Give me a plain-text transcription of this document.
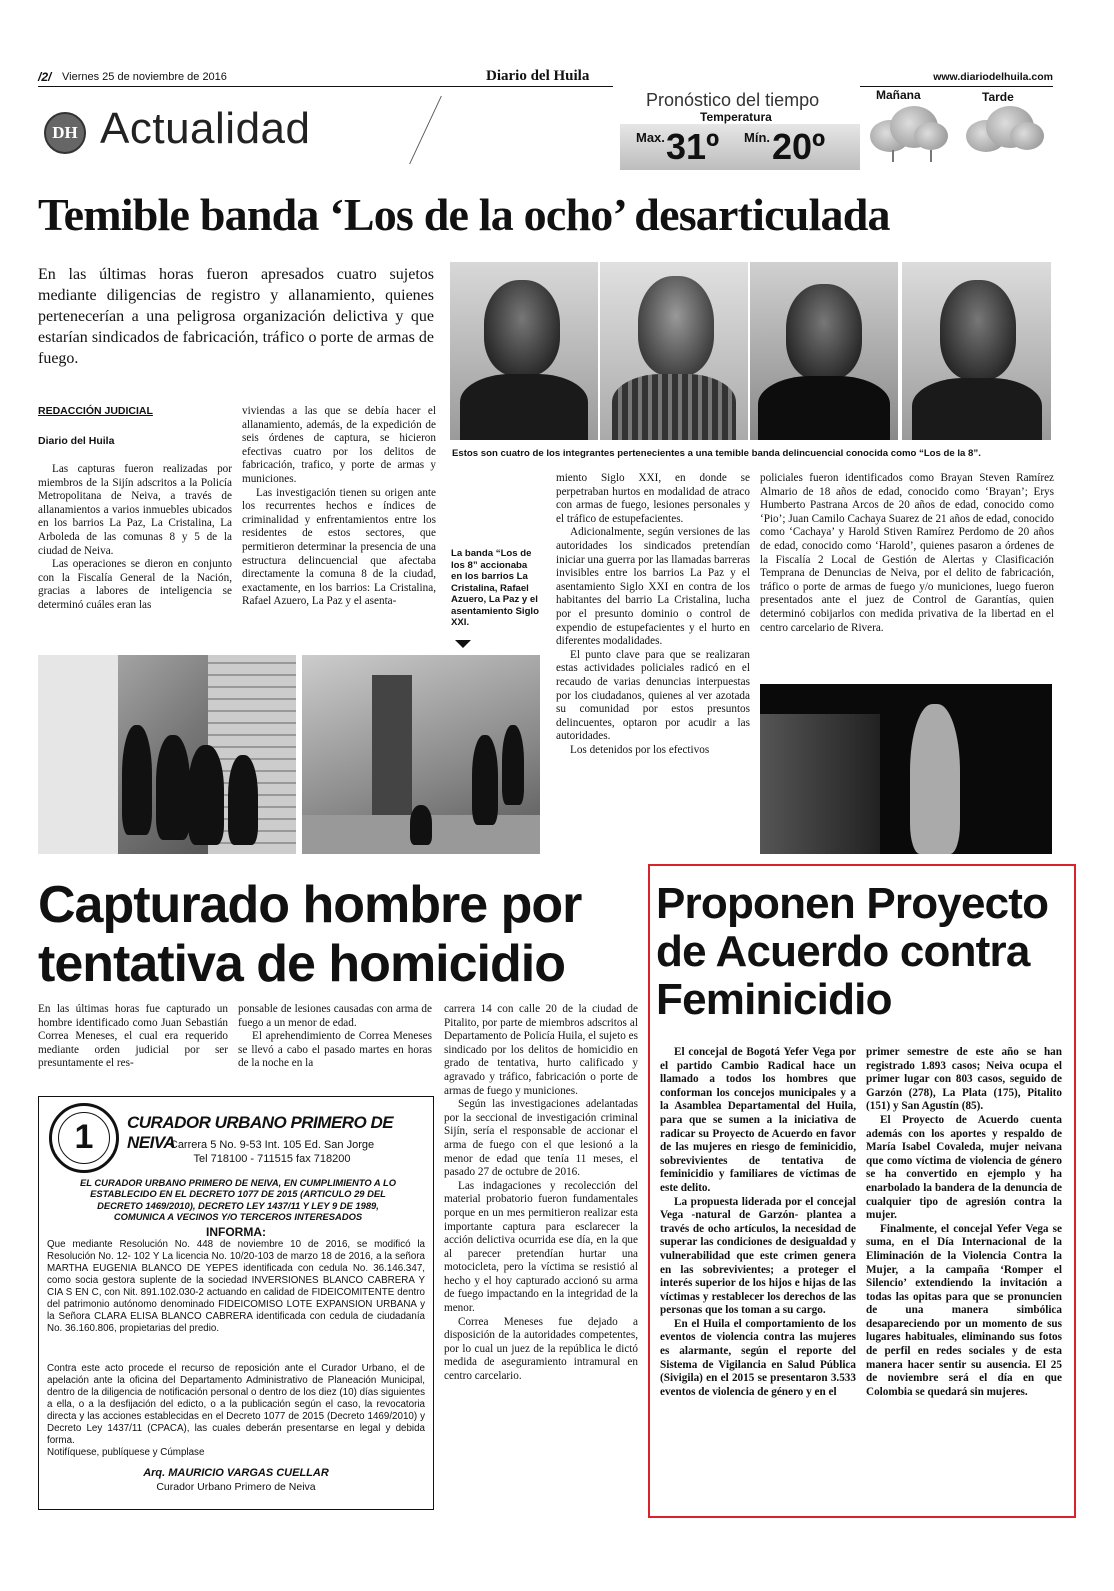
/2/ Viernes 25 de noviembre de 2016	Diario del Huila	www.diariodelhuila.com
DH Actualidad
Pronóstico del tiempo
Temperatura
Max. 31º Mín. 20º
Mañana	Tarde
Temible banda ‘Los de la ocho’ desarticulada

En las últimas horas fueron apresados cuatro sujetos mediante diligencias de registro y allanamiento, quienes pertenecerían a una peligrosa organización delictiva y que estarían sindicados de fabricación, tráfico o porte de armas de fuego.

Estos son cuatro de los integrantes pertenecientes a una temible banda delincuencial conocida como “Los de la 8”.
REDACCIÓN JUDICIAL
Diario del Huila

Las capturas fueron realizadas por miembros de la Sijín adscritos a la Policía Metropolitana de Neiva, a través de allanamientos a varios inmuebles ubicados en los barrios La Paz, La Cristalina, La Arboleda de las comunas 8 y 5 de la ciudad de Neiva.

Las operaciones se dieron en conjunto con la Fiscalía General de la Nación, gracias a labores de inteligencia se determinó cuáles eran las

viviendas a las que se debía hacer el allanamiento, además, de la expedición de seis órdenes de captura, se hicieron efectivas cuatro por los delitos de fabricación, trafico, y porte de armas y municiones.

Las investigación tienen su origen ante los recurrentes hechos e índices de criminalidad y enfrentamientos entre los residentes de estos sectores, que permitieron determinar la presencia de una estructura delincuencial que afectaba directamente la comuna 8 de la ciudad, exactamente, en los barrios: La Cristalina, Rafael Azuero, La Paz y el asenta-

La banda “Los de los 8” accionaba en los barrios La Cristalina, Rafael Azuero, La Paz y el asentamiento Siglo XXI.

miento Siglo XXI, en donde se perpetraban hurtos en modalidad de atraco con armas de fuego, lesiones personales y el tráfico de estupefacientes.

Adicionalmente, según versiones de las autoridades los sindicados pretendían iniciar una guerra por las llamadas barreras invisibles entre los barrios La Paz y el asentamiento Siglo XXI en contra de los habitantes del barrio La Cristalina, lucha por el presunto dominio o control de expendio de estupefacientes y el hurto en diferentes modalidades.

El punto clave para que se realizaran estas actividades policiales radicó en el recaudo de varias denuncias interpuestas por los ciudadanos, quienes al ver azotada su comunidad por estos presuntos delincuentes, optaron por acudir a las autoridades.

Los detenidos por los efectivos

policiales fueron identificados como Brayan Steven Ramírez Almario de 18 años de edad, conocido como ‘Brayan’; Erys Humberto Pastrana Arcos de 20 años de edad, conocido como ‘Pio’; Juan Camilo Cachaya Suarez de 21 años de edad, conocido como ‘Cachaya’ y Harold Stiven Ramírez Perdomo de 20 años de edad, conocido como ‘Harold’, quienes pasaron a órdenes de la Fiscalía 2 Local de Gestión de Alertas y Clasificación Temprana de Denuncias de Neiva, por el delito de fabricación, tráfico o porte de armas de fuego y/o municiones, luego fueron presentados ante el juez de Control de Garantías, quien determinó cobijarlos con medida privativa de la libertad en el centro carcelario de Rivera.

Capturado hombre por
tentativa de homicidio

En las últimas horas fue capturado un hombre identificado como Juan Sebastián Correa Meneses, el cual era requerido mediante orden judicial por ser presuntamente el res-

ponsable de lesiones causadas con arma de fuego a un menor de edad.

El aprehendimiento de Correa Meneses se llevó a cabo el pasado martes en horas de la noche en la

carrera 14 con calle 20 de la ciudad de Pitalito, por parte de miembros adscritos al Departamento de Policía Huila, el sujeto es sindicado por los delitos de homicidio en grado de tentativa, hurto calificado y agravado y tráfico, fabricación o porte de armas de fuego y municiones.

Según las investigaciones adelantadas por la seccional de investigación criminal Sijín, sería el responsable de accionar el arma de fuego con el que lesionó a la menor de edad que tenía 11 meses, el pasado 27 de octubre de 2016.

Las indagaciones y recolección del material probatorio fueron fundamentales porque en un mes permitieron realizar esta importante captura para esclarecer la acción delictiva ocurrida ese día, en la que al parecer pretendían hurtar una motocicleta, pero la víctima se resistió al hecho y el hoy capturado accionó su arma de fuego impactando en la integridad de la menor.

Correa Meneses fue dejado a disposición de la autoridades competentes, por lo cual un juez de la república le dictó medida de aseguramiento intramural en centro carcelario.

1	CURADOR URBANO PRIMERO DE NEIVA
Carrera 5 No. 9-53 Int. 105 Ed. San Jorge
Tel 718100 - 711515 fax 718200
EL CURADOR URBANO PRIMERO DE NEIVA, EN CUMPLIMIENTO A LO ESTABLECIDO EN EL DECRETO 1077 DE 2015 (ARTICULO 29 DEL DECRETO 1469/2010), DECRETO LEY 1437/11 Y LEY 9 DE 1989, COMUNICA A VECINOS Y/O TERCEROS INTERESADOS
INFORMA:
Que mediante Resolución No. 448 de noviembre 10 de 2016, se modificó la Resolución No. 12- 102 Y La licencia No. 10/20-103 de marzo 18 de 2016, a la señora MARTHA EUGENIA BLANCO DE YEPES identificada con cedula No. 36.146.347, como socia gestora suplente de la sociedad INVERSIONES BLANCO CABRERA Y CIA S EN C, con Nit. 891.102.030-2 actuando en calidad de FIDEICOMITENTE dentro del patrimonio autónomo denominado FIDEICOMISO LOTE EXPANSION URBANA y la Señora CLARA ELISA BLANCO CABRERA identificada con cedula de ciudadanía No. 36.160.806, propietarias del predio.
Contra este acto procede el recurso de reposición ante el Curador Urbano, el de apelación ante la oficina del Departamento Administrativo de Planeación Municipal, dentro de la diligencia de notificación personal o dentro de los diez (10) días siguientes a ella, o a la desfijación del edicto, o a la publicación según el caso, la revocatoria directa y las acciones establecidas en el Decreto 1077 de 2015 (Decreto 1469/2010) y Decreto Ley 1437/11 (CPACA), las cuales deberán presentarse en legal y debida forma.
Notifíquese, publíquese y Cúmplase
Arq. MAURICIO VARGAS CUELLAR
Curador Urbano Primero de Neiva
Proponen Proyecto
de Acuerdo contra
Feminicidio

El concejal de Bogotá Yefer Vega por el partido Cambio Radical hace un llamado a todos los hombres que conforman los concejos municipales y a la Asamblea Departamental del Huila, para que se sumen a la iniciativa de radicar su Proyecto de Acuerdo en favor de las mujeres en riesgo de feminicidio, sobrevivientes de tentativa de feminicidio y familiares de víctimas de este delito.

La propuesta liderada por el concejal Vega -natural de Garzón- plantea a través de ocho artículos, la necesidad de superar las condiciones de desigualdad y vulnerabilidad que este crimen genera en las sobrevivientes; a proteger el interés superior de los hijos e hijas de las víctimas y restablecer los derechos de las personas que los toman a su cargo.

En el Huila el comportamiento de los eventos de violencia contra las mujeres es alarmante, según el reporte del Sistema de Vigilancia en Salud Pública (Sivigila) en el 2015 se presentaron 3.533 eventos de violencia de género y en el

primer semestre de este año se han registrado 1.893 casos; Neiva ocupa el primer lugar con 803 casos, seguido de Garzón (278), La Plata (175), Pitalito (151) y San Agustín (85).

El Proyecto de Acuerdo cuenta además con los aportes y respaldo de María Isabel Covaleda, mujer neivana que como víctima de violencia de género se ha convertido en ejemplo y ha enarbolado la bandera de la denuncia de cualquier tipo de agresión contra la mujer.

Finalmente, el concejal Yefer Vega se suma, en el Día Internacional de la Eliminación de la Violencia Contra la Mujer, a la campaña ‘Romper el Silencio’ extendiendo la invitación a todas las opitas para que se pronuncien de una manera simbólica desapareciendo por un momento de sus lugares habituales, eliminando sus fotos de perfil en redes sociales y de esta manera hacer sentir su ausencia. El 25 de noviembre será el día en que Colombia se quedará sin mujeres.
